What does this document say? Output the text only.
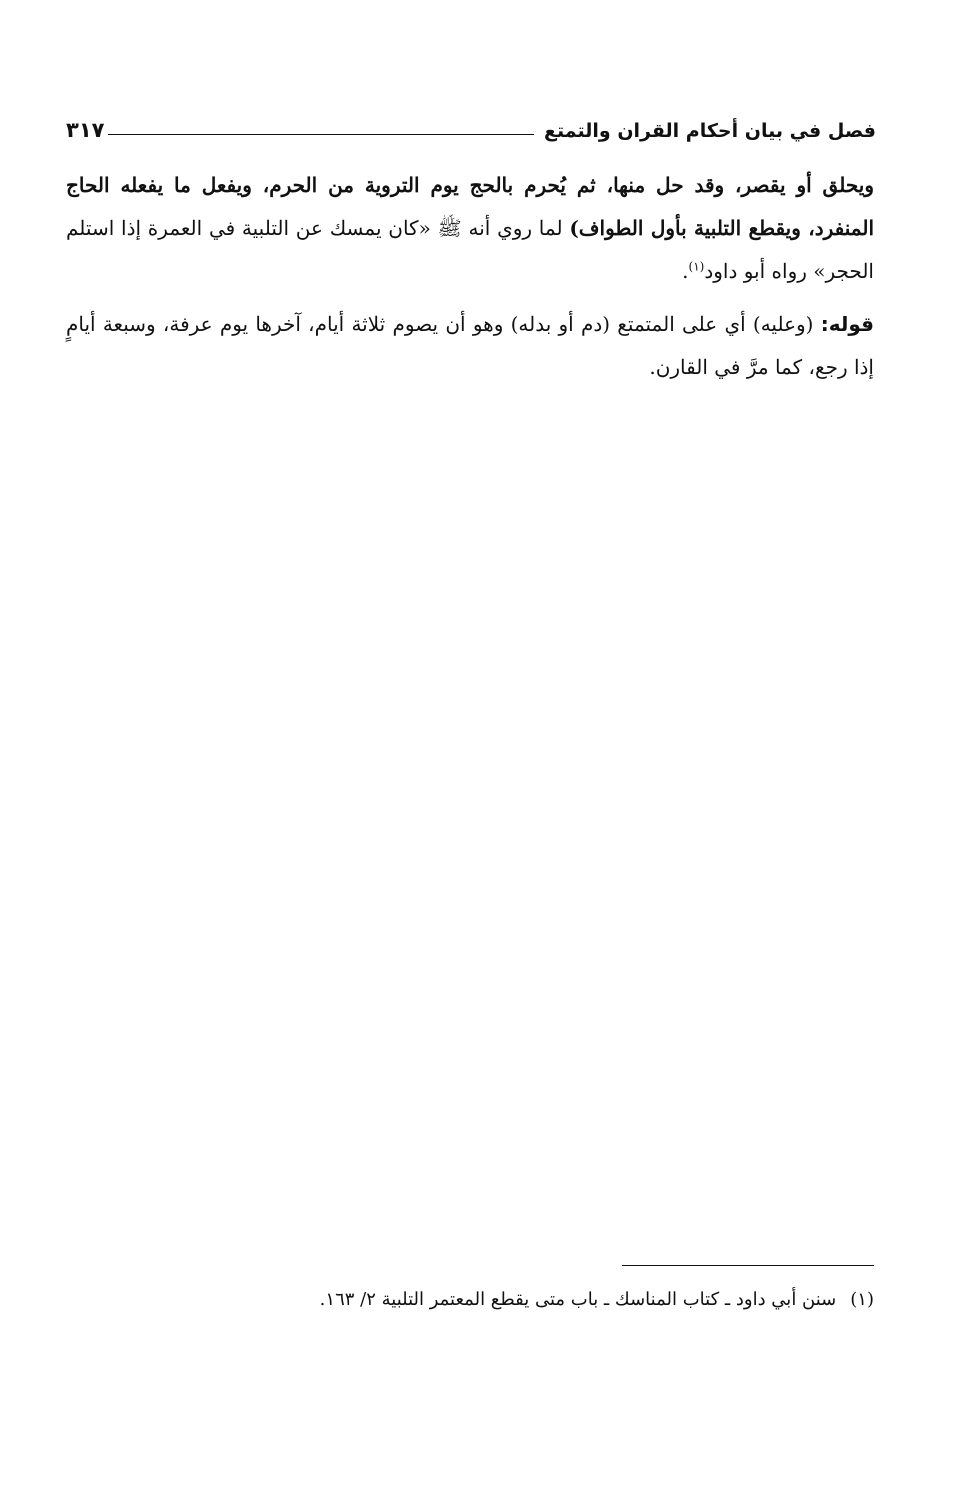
فصل في بيان أحكام القران والتمتع
٣١٧

ويحلق أو يقصر، وقد حل منها، ثم يُحرم بالحج يوم التروية من الحرم، ويفعل ما يفعله الحاج المنفرد، ويقطع التلبية بأول الطواف) لما روي أنه ﷺ «كان يمسك عن التلبية في العمرة إذا استلم الحجر» رواه أبو داود$^{(١)}$.

قوله: (وعليه) أي على المتمتع (دم أو بدله) وهو أن يصوم ثلاثة أيام، آخرها يوم عرفة، وسبعة أيامٍ إذا رجع، كما مرَّ في القارن.

(١)سنن أبي داود ـ كتاب المناسك ـ باب متى يقطع المعتمر التلبية ٢/ ١٦٣.
